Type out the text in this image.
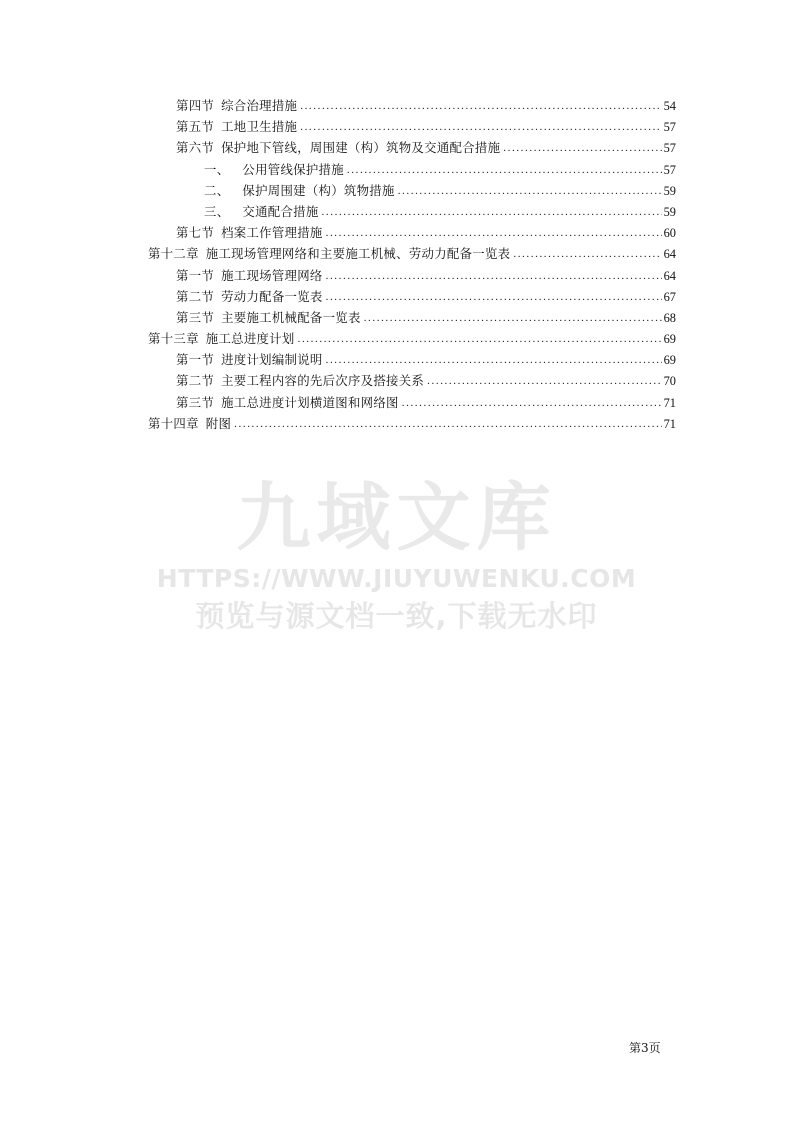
第四节 综合治理措施 .....	54
第五节 工地卫生措施 .....	57
第六节 保护地下管线，周围建（构）筑物及交通配合措施 .....	57
一、 公用管线保护措施 .....	57
二、 保护周围建（构）筑物措施 .....	59
三、 交通配合措施 .....	59
第七节 档案工作管理措施 .....	60
第十二章 施工现场管理网络和主要施工机械、劳动力配备一览表 .....	64
第一节 施工现场管理网络 .....	64
第二节 劳动力配备一览表 .....	67
第三节 主要施工机械配备一览表 .....	68
第十三章 施工总进度计划 .....	69
第一节 进度计划编制说明 .....	69
第二节 主要工程内容的先后次序及搭接关系 .....	70
第三节 施工总进度计划横道图和网络图 .....	71
第十四章 附图 .....	71
九域文库
HTTPS://WWW.JIUYUWENKU.COM
预览与源文档一致,下载无水印
第3页
